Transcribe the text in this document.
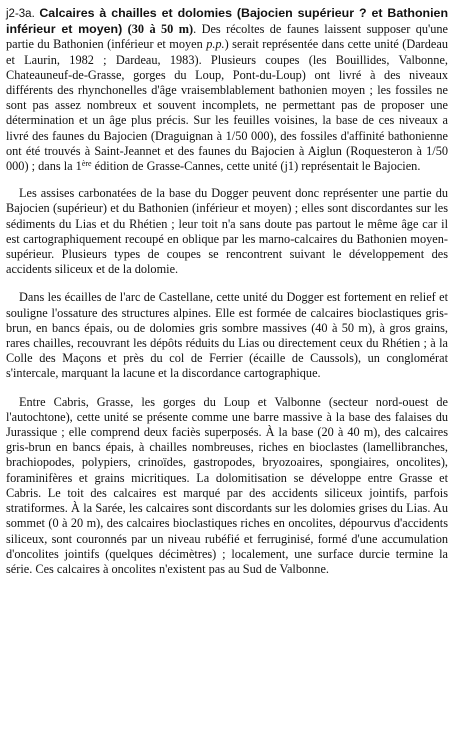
j2-3a. Calcaires à chailles et dolomies (Bajocien supérieur ? et Bathonien inférieur et moyen) (30 à 50 m). Des récoltes de faunes laissent supposer qu'une partie du Bathonien (inférieur et moyen p.p.) serait représentée dans cette unité (Dardeau et Laurin, 1982 ; Dardeau, 1983). Plusieurs coupes (les Bouillides, Valbonne, Chateauneuf-de-Grasse, gorges du Loup, Pont-du-Loup) ont livré à des niveaux différents des rhynchonelles d'âge vraisemblablement bathonien moyen ; les fossiles ne sont pas assez nombreux et souvent incomplets, ne permettant pas de proposer une détermination et un âge plus précis. Sur les feuilles voisines, la base de ces niveaux a livré des faunes du Bajocien (Draguignan à 1/50 000), des fossiles d'affinité bathonienne ont été trouvés à Saint-Jeannet et des faunes du Bajocien à Aiglun (Roquesteron à 1/50 000) ; dans la 1ère édition de Grasse-Cannes, cette unité (j1) représentait le Bajocien.

Les assises carbonatées de la base du Dogger peuvent donc représenter une partie du Bajocien (supérieur) et du Bathonien (inférieur et moyen) ; elles sont discordantes sur les sédiments du Lias et du Rhétien ; leur toit n'a sans doute pas partout le même âge car il est cartographiquement recoupé en oblique par les marno-calcaires du Bathonien moyen-supérieur. Plusieurs types de coupes se rencontrent suivant le développement des accidents siliceux et de la dolomie.

Dans les écailles de l'arc de Castellane, cette unité du Dogger est fortement en relief et souligne l'ossature des structures alpines. Elle est formée de calcaires bioclastiques gris-brun, en bancs épais, ou de dolomies gris sombre massives (40 à 50 m), à gros grains, rares chailles, recouvrant les dépôts réduits du Lias ou directement ceux du Rhétien ; à la Colle des Maçons et près du col de Ferrier (écaille de Caussols), un conglomérat s'intercale, marquant la lacune et la discordance cartographique.

Entre Cabris, Grasse, les gorges du Loup et Valbonne (secteur nord-ouest de l'autochtone), cette unité se présente comme une barre massive à la base des falaises du Jurassique ; elle comprend deux faciès superposés. À la base (20 à 40 m), des calcaires gris-brun en bancs épais, à chailles nombreuses, riches en bioclastes (lamellibranches, brachiopodes, polypiers, crinoïdes, gastropodes, bryozoaires, spongiaires, oncolites), foraminifères et grains micritiques. La dolomitisation se développe entre Grasse et Cabris. Le toit des calcaires est marqué par des accidents siliceux jointifs, parfois stratiformes. À la Sarée, les calcaires sont discordants sur les dolomies grises du Lias. Au sommet (0 à 20 m), des calcaires bioclastiques riches en oncolites, dépourvus d'accidents siliceux, sont couronnés par un niveau rubéfié et ferruginisé, formé d'une accumulation d'oncolites jointifs (quelques décimètres) ; localement, une surface durcie termine la série. Ces calcaires à oncolites n'existent pas au Sud de Valbonne.
